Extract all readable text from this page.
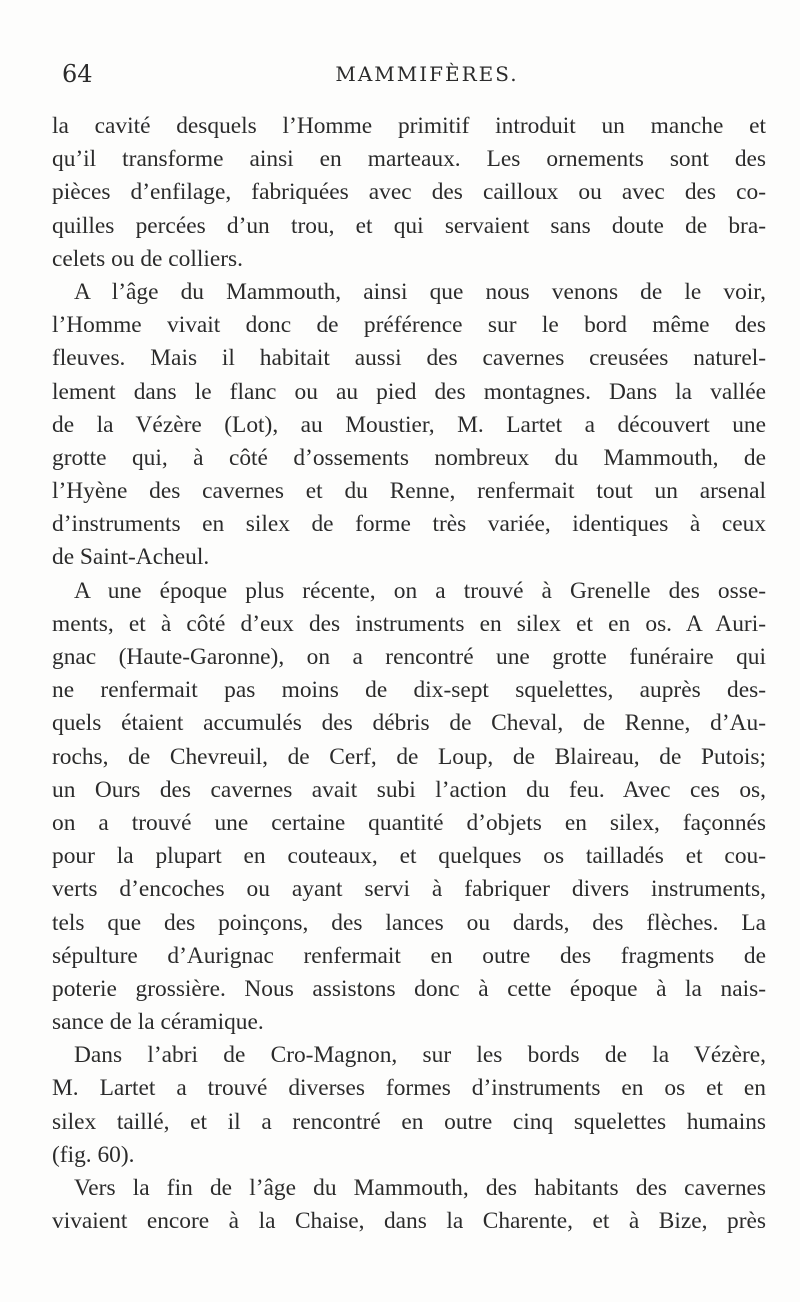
64	MAMMIFÈRES.
la cavité desquels l’Homme primitif introduit un manche et
qu’il transforme ainsi en marteaux. Les ornements sont des
pièces d’enfilage, fabriquées avec des cailloux ou avec des co-
quilles percées d’un trou, et qui servaient sans doute de bra-
celets ou de colliers.
A l’âge du Mammouth, ainsi que nous venons de le voir,
l’Homme vivait donc de préférence sur le bord même des
fleuves. Mais il habitait aussi des cavernes creusées naturel-
lement dans le flanc ou au pied des montagnes. Dans la vallée
de la Vézère (Lot), au Moustier, M. Lartet a découvert une
grotte qui, à côté d’ossements nombreux du Mammouth, de
l’Hyène des cavernes et du Renne, renfermait tout un arsenal
d’instruments en silex de forme très variée, identiques à ceux
de Saint-Acheul.
A une époque plus récente, on a trouvé à Grenelle des osse-
ments, et à côté d’eux des instruments en silex et en os. A Auri-
gnac (Haute-Garonne), on a rencontré une grotte funéraire qui
ne renfermait pas moins de dix-sept squelettes, auprès des-
quels étaient accumulés des débris de Cheval, de Renne, d’Au-
rochs, de Chevreuil, de Cerf, de Loup, de Blaireau, de Putois;
un Ours des cavernes avait subi l’action du feu. Avec ces os,
on a trouvé une certaine quantité d’objets en silex, façonnés
pour la plupart en couteaux, et quelques os tailladés et cou-
verts d’encoches ou ayant servi à fabriquer divers instruments,
tels que des poinçons, des lances ou dards, des flèches. La
sépulture d’Aurignac renfermait en outre des fragments de
poterie grossière. Nous assistons donc à cette époque à la nais-
sance de la céramique.
Dans l’abri de Cro-Magnon, sur les bords de la Vézère,
M. Lartet a trouvé diverses formes d’instruments en os et en
silex taillé, et il a rencontré en outre cinq squelettes humains
(fig. 60).
Vers la fin de l’âge du Mammouth, des habitants des cavernes
vivaient encore à la Chaise, dans la Charente, et à Bize, près
